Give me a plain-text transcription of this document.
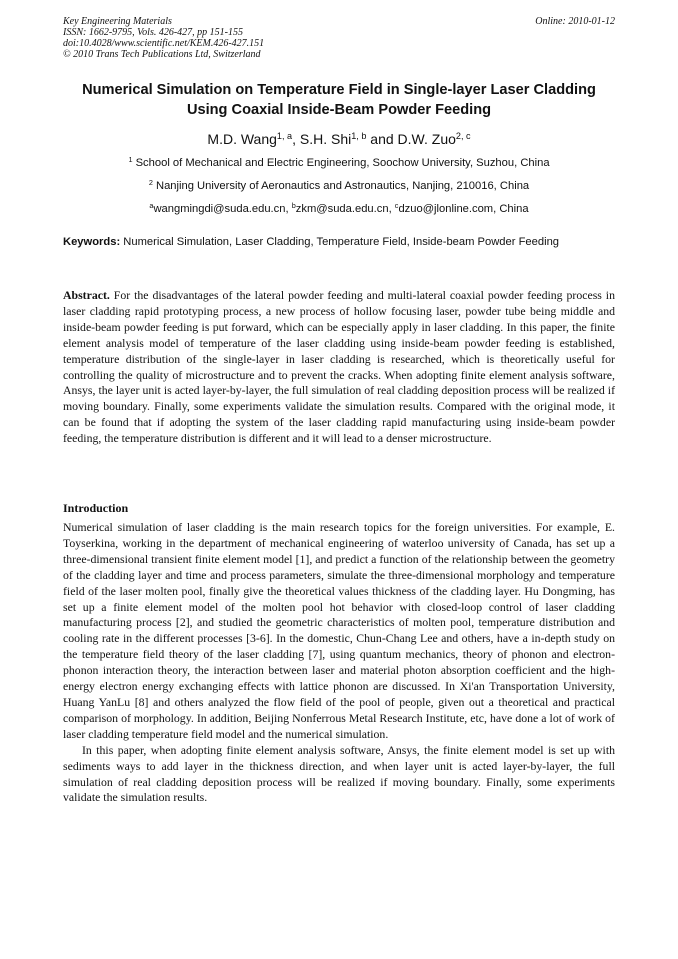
Key Engineering Materials
ISSN: 1662-9795, Vols. 426-427, pp 151-155
doi:10.4028/www.scientific.net/KEM.426-427.151
© 2010 Trans Tech Publications Ltd, Switzerland
Online: 2010-01-12
Numerical Simulation on Temperature Field in Single-layer Laser Cladding Using Coaxial Inside-Beam Powder Feeding
M.D. Wang$^{1, a}$, S.H. Shi$^{1, b}$ and D.W. Zuo$^{2, c}$
$^1$ School of Mechanical and Electric Engineering, Soochow University, Suzhou, China
$^2$ Nanjing University of Aeronautics and Astronautics, Nanjing, 210016, China
$^a$wangmingdi@suda.edu.cn, $^b$zkm@suda.edu.cn, $^c$dzuo@jlonline.com, China
Keywords: Numerical Simulation, Laser Cladding, Temperature Field, Inside-beam Powder Feeding
Abstract. For the disadvantages of the lateral powder feeding and multi-lateral coaxial powder feeding process in laser cladding rapid prototyping process, a new process of hollow focusing laser, powder tube being middle and inside-beam powder feeding is put forward, which can be especially apply in laser cladding. In this paper, the finite element analysis model of temperature of the laser cladding using inside-beam powder feeding is established, temperature distribution of the single-layer in laser cladding is researched, which is theoretically useful for controlling the quality of microstructure and to prevent the cracks. When adopting finite element analysis software, Ansys, the layer unit is acted layer-by-layer, the full simulation of real cladding deposition process will be realized if moving boundary. Finally, some experiments validate the simulation results. Compared with the original mode, it can be found that if adopting the system of the laser cladding rapid manufacturing using inside-beam powder feeding, the temperature distribution is different and it will lead to a denser microstructure.
Introduction

Numerical simulation of laser cladding is the main research topics for the foreign universities. For example, E. Toyserkina, working in the department of mechanical engineering of waterloo university of Canada, has set up a three-dimensional transient finite element model [1], and predict a function of the relationship between the geometry of the cladding layer and time and process parameters, simulate the three-dimensional morphology and temperature field of the laser molten pool, finally give the theoretical values thickness of the cladding layer. Hu Dongming, has set up a finite element model of the molten pool hot behavior with closed-loop control of laser cladding manufacturing process [2], and studied the geometric characteristics of molten pool, temperature distribution and cooling rate in the different processes [3-6]. In the domestic, Chun-Chang Lee and others, have a in-depth study on the temperature field theory of the laser cladding [7], using quantum mechanics, theory of phonon and electron-phonon interaction theory, the interaction between laser and material photon absorption coefficient and the high-energy electron energy exchanging effects with lattice phonon are discussed. In Xi'an Transportation University, Huang YanLu [8] and others analyzed the flow field of the pool of people, given out a theoretical and practical comparison of morphology. In addition, Beijing Nonferrous Metal Research Institute, etc, have done a lot of work of laser cladding temperature field model and the numerical simulation.

In this paper, when adopting finite element analysis software, Ansys, the finite element model is set up with sediments ways to add layer in the thickness direction, and when layer unit is acted layer-by-layer, the full simulation of real cladding deposition process will be realized if moving boundary. Finally, some experiments validate the simulation results.
